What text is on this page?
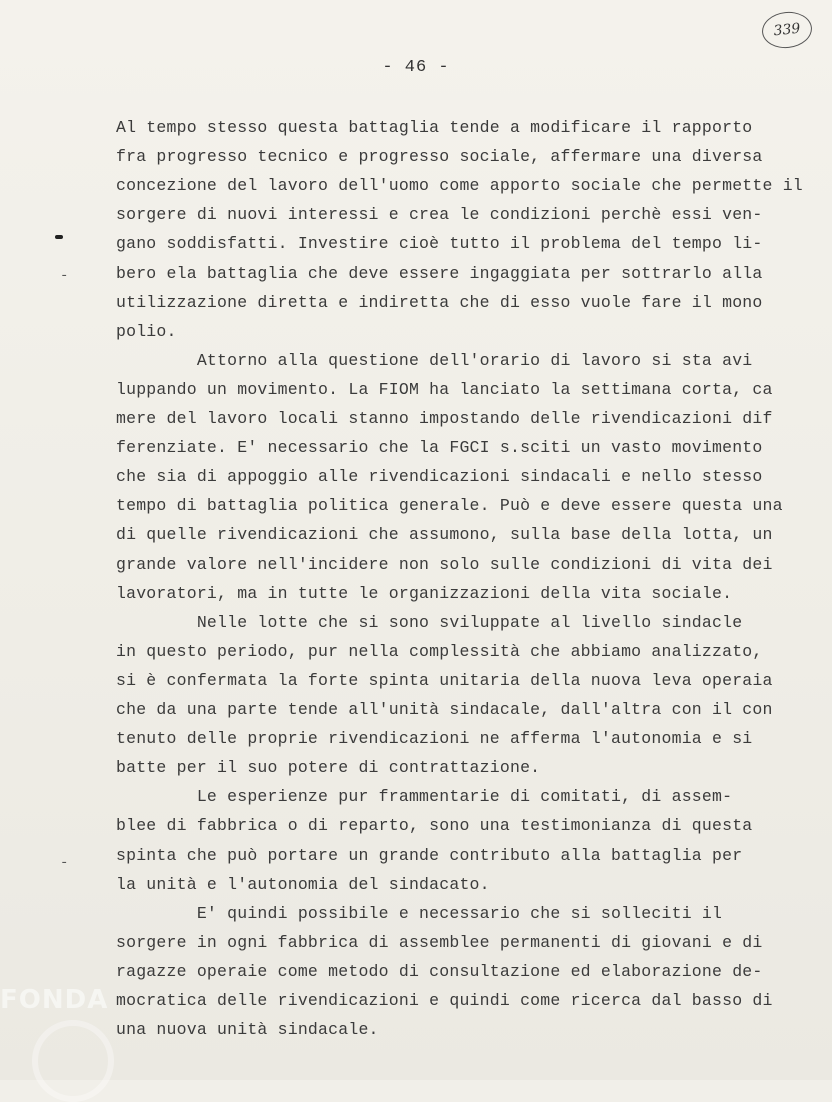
339
- 46 -
-
-
Al tempo stesso questa battaglia tende a modificare il rapporto
fra progresso tecnico e progresso sociale, affermare una diversa
concezione del lavoro dell'uomo come apporto sociale che permette il
sorgere di nuovi interessi e crea le condizioni perchè essi ven-
gano soddisfatti. Investire cioè tutto il problema del tempo li-
bero ela battaglia che deve essere ingaggiata per sottrarlo alla
utilizzazione diretta e indiretta che di esso vuole fare il mono
polio.
Attorno alla questione dell'orario di lavoro si sta avi
luppando un movimento. La FIOM ha lanciato la settimana corta, ca
mere del lavoro locali stanno impostando delle rivendicazioni dif
ferenziate. E' necessario che la FGCI s.sciti un vasto movimento
che sia di appoggio alle rivendicazioni sindacali e nello stesso
tempo di battaglia politica generale. Può e deve essere questa una
di quelle rivendicazioni che assumono, sulla base della lotta, un
grande valore nell'incidere non solo sulle condizioni di vita dei
lavoratori, ma in tutte le organizzazioni della vita sociale.
Nelle lotte che si sono sviluppate al livello sindacle
in questo periodo, pur nella complessità che abbiamo analizzato,
si è confermata la forte spinta unitaria della nuova leva operaia
che da una parte tende all'unità sindacale, dall'altra con il con
tenuto delle proprie rivendicazioni ne afferma l'autonomia e si
batte per il suo potere di contrattazione.
Le esperienze pur frammentarie di comitati, di assem-
blee di fabbrica o di reparto, sono una testimonianza di questa
spinta che può portare un grande contributo alla battaglia per
la unità e l'autonomia del sindacato.
E' quindi possibile e necessario che si solleciti il
sorgere in ogni fabbrica di assemblee permanenti di giovani e di
ragazze operaie come metodo di consultazione ed elaborazione de-
mocratica delle rivendicazioni e quindi come ricerca dal basso di
una nuova unità sindacale.
FONDA
